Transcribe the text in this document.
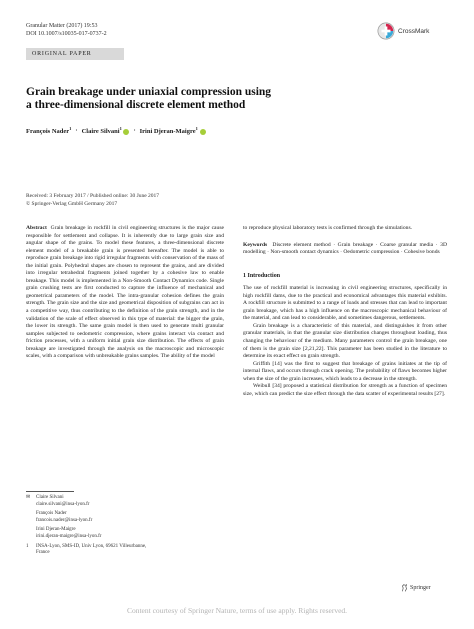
Granular Matter (2017) 19:53
DOI 10.1007/s10035-017-0737-2	CrossMark
ORIGINAL PAPER
Grain breakage under uniaxial compression using
a three-dimensional discrete element method
François Nader$^1$ · Claire Silvani$^1$	· Irini Djeran-Maigre$^1$
Received: 3 February 2017 / Published online: 30 June 2017
© Springer-Verlag GmbH Germany 2017

Abstract Grain breakage in rockfill in civil engineering structures is the major cause responsible for settlement and collapse. It is inherently due to large grain size and angular shape of the grains. To model these features, a three-dimensional discrete element model of a breakable grain is presented hereafter. The model is able to reproduce grain breakage into rigid irregular fragments with conservation of the mass of the initial grain. Polyhedral shapes are chosen to represent the grains, and are divided into irregular tetrahedral fragments joined together by a cohesive law to enable breakage. This model is implemented in a Non-Smooth Contact Dynamics code. Single grain crushing tests are first conducted to capture the influence of mechanical and geometrical parameters of the model. The intra-granular cohesion defines the grain strength. The grain size and the size and geometrical disposition of subgrains can act in a competitive way, thus contributing to the definition of the grain strength, and in the validation of the scale of effect observed in this type of material: the bigger the grain, the lower its strength. The same grain model is then used to generate multi granular samples subjected to oedometric compression, where grains interact via contact and friction processes, with a uniform initial grain size distribution. The effects of grain breakage are investigated through the analysis on the macroscopic and microscopic scales, with a comparison with unbreakable grains samples. The ability of the model

✉ Claire Silvani
claire.silvani@insa-lyon.fr
François Nader
francois.nader@insa-lyon.fr
Irini Djeran-Maigre
irini.djeran-maigre@insa-lyon.fr
1 INSA-Lyon, SMS-ID, Univ Lyon, 69621 Villeurbanne,
France

to reproduce physical laboratory tests is confirmed through the simulations.

Keywords Discrete element method · Grain breakage · Coarse granular media · 3D modelling · Non-smooth contact dynamics · Oedometric compression · Cohesive bonds

1 Introduction

The use of rockfill material is increasing in civil engineering structures, specifically in high rockfill dams, due to the practical and economical advantages this material exhibits. A rockfill structure is submitted to a range of loads and stresses that can lead to important grain breakage, which has a high influence on the macroscopic mechanical behaviour of the material, and can lead to considerable, and sometimes dangerous, settlements.

Grain breakage is a characteristic of this material, and distinguishes it from other granular materials, in that the granular size distribution changes throughout loading, thus changing the behaviour of the medium. Many parameters control the grain breakage, one of them is the grain size [2,21,22]. This parameter has been studied in the literature to determine its exact effect on grain strength.

Griffith [14] was the first to suggest that breakage of grains initiates at the tip of internal flaws, and occurs through crack opening. The probability of flaws becomes higher when the size of the grain increases, which leads to a decrease in the strength.

Weibull [34] proposed a statistical distribution for strength as a function of specimen size, which can predict the size effect through the data scatter of experimental results [27].

Springer
Content courtesy of Springer Nature, terms of use apply. Rights reserved.
